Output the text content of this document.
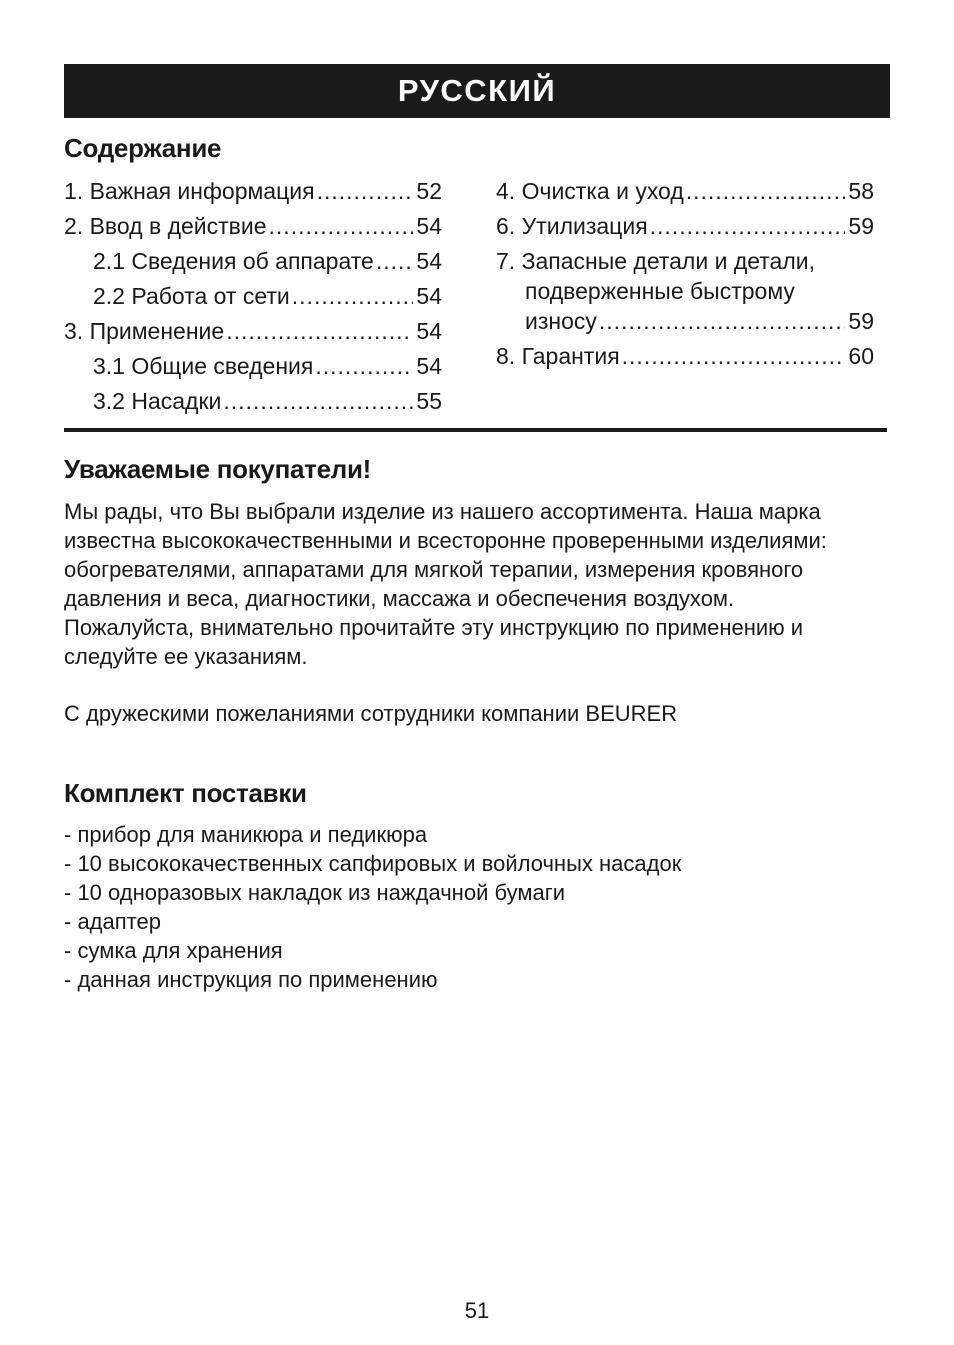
РУССКИЙ
Содержание
1. Важная информация .....	52
2. Ввод в действие .....	54
2.1 Сведения об аппарате ..... 54
2.2 Работа от сети .....	54
3. Применение .....	54
3.1 Общие сведения .....	54
3.2 Насадки .....	55
4. Очистка и уход .....	58
6. Утилизация .....	59
7. Запасные детали и детали,
подверженные быстрому
износу .....	59
8. Гарантия .....	60
Уважаемые покупатели!
Мы рады, что Вы выбрали изделие из нашего ассортимента. Наша марка
известна высококачественными и всесторонне проверенными изделиями:
обогревателями, аппаратами для мягкой терапии, измерения кровяного
давления и веса, диагностики, массажа и обеспечения воздухом.
Пожалуйста, внимательно прочитайте эту инструкцию по применению и
следуйте ее указаниям.
С дружескими пожеланиями сотрудники компании BEURER
Комплект поставки
- прибор для маникюра и педикюра
- 10 высококачественных сапфировых и войлочных насадок
- 10 одноразовых накладок из наждачной бумаги
- адаптер
- сумка для хранения
- данная инструкция по применению
51
